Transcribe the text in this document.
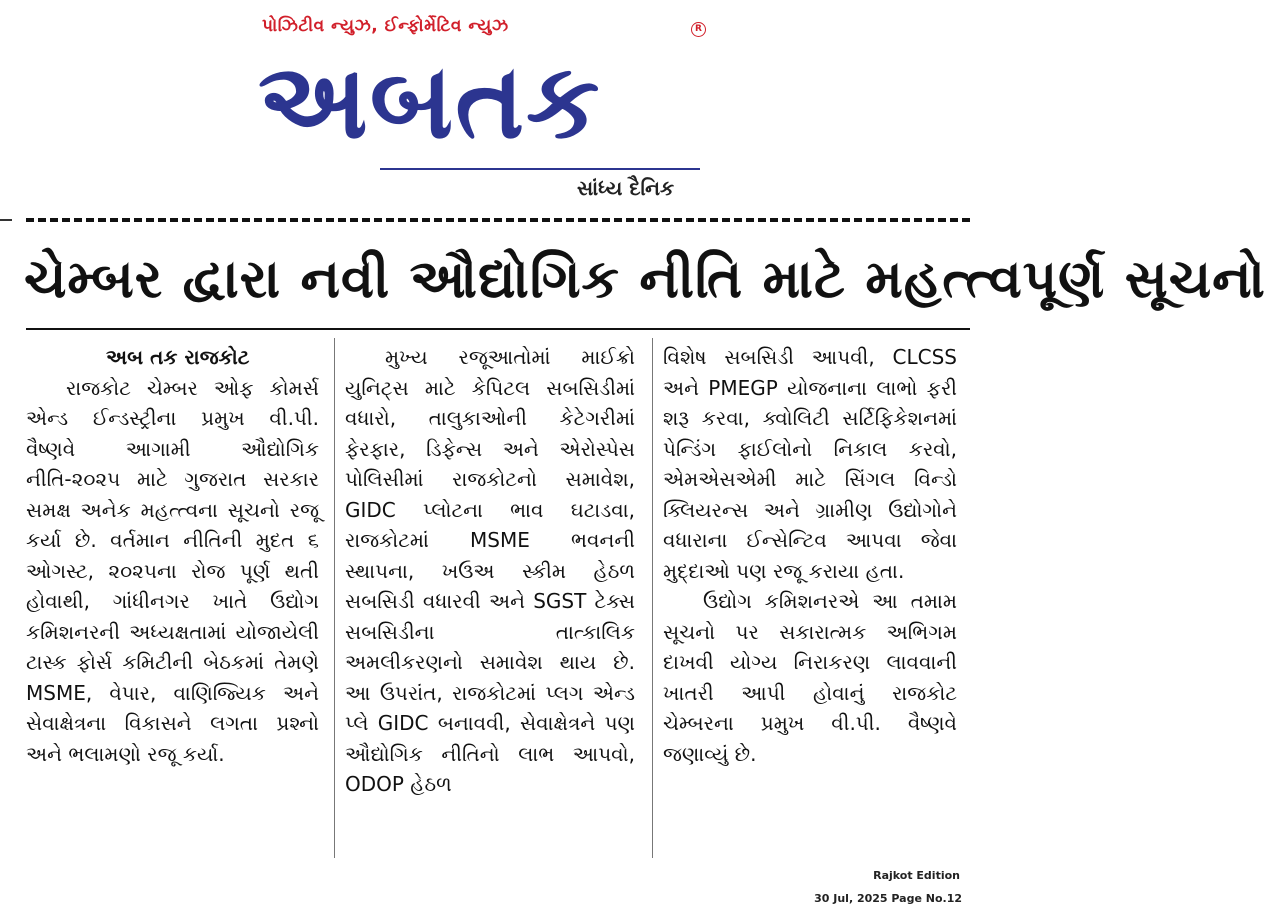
પોઝિટીવ ન્યુઝ, ઈન્ફોર્મેટિવ ન્યુઝ	R
અબતક
સાંધ્ય દૈનિક
ચેમ્બર દ્વારા નવી ઔદ્યોગિક નીતિ માટે મહત્ત્વપૂર્ણ સૂચનો
અબ તક રાજકોટ

રાજકોટ ચેમ્બર ઓફ કોમર્સ એન્ડ ઈન્ડસ્ટ્રીના પ્રમુખ વી.પી. વૈષ્ણવે આગામી ઔદ્યોગિક નીતિ-૨૦૨૫ માટે ગુજરાત સરકાર સમક્ષ અનેક મહત્ત્વના સૂચનો રજૂ કર્યા છે. વર્તમાન નીતિની મુદત ૬ ઓગસ્ટ, ૨૦૨૫ના રોજ પૂર્ણ થતી હોવાથી, ગાંધીનગર ખાતે ઉદ્યોગ કમિશનરની અધ્યક્ષતામાં યોજાયેલી ટાસ્ક ફોર્સ કમિટીની બેઠકમાં તેમણે MSME, વેપાર, વાણિજ્યિક અને સેવાક્ષેત્રના વિકાસને લગતા પ્રશ્નો અને ભલામણો રજૂ કર્યા.

મુખ્ય રજૂઆતોમાં માઈક્રો યુનિટ્સ માટે કેપિટલ સબસિડીમાં વધારો, તાલુકાઓની કેટેગરીમાં ફેરફાર, ડિફેન્સ અને એરોસ્પેસ પોલિસીમાં રાજકોટનો સમાવેશ, GIDC પ્લોટના ભાવ ઘટાડવા, રાજકોટમાં MSME ભવનની સ્થાપના, ખઉઅ સ્કીમ હેઠળ સબસિડી વધારવી અને SGST ટેક્સ સબસિડીના તાત્કાલિક અમલીકરણનો સમાવેશ થાય છે. આ ઉપરાંત, રાજકોટમાં પ્લગ એન્ડ પ્લે GIDC બનાવવી, સેવાક્ષેત્રને પણ ઔદ્યોગિક નીતિનો લાભ આપવો, ODOP હેઠળ

વિશેષ સબસિડી આપવી, CLCSS અને PMEGP યોજનાના લાભો ફરી શરૂ કરવા, ક્વોલિટી સર્ટિફિકેશનમાં પેન્ડિંગ ફાઈલોનો નિકાલ કરવો, એમએસએમી માટે સિંગલ વિન્ડો ક્લિયરન્સ અને ગ્રામીણ ઉદ્યોગોને વધારાના ઈન્સેન્ટિવ આપવા જેવા મુદ્દાઓ પણ રજૂ કરાયા હતા.

ઉદ્યોગ કમિશનરએ આ તમામ સૂચનો પર સકારાત્મક અભિગમ દાખવી યોગ્ય નિરાકરણ લાવવાની ખાતરી આપી હોવાનું રાજકોટ ચેમ્બરના પ્રમુખ વી.પી. વૈષ્ણવે જણાવ્યું છે.

Rajkot Edition
30 Jul, 2025 Page No.12
